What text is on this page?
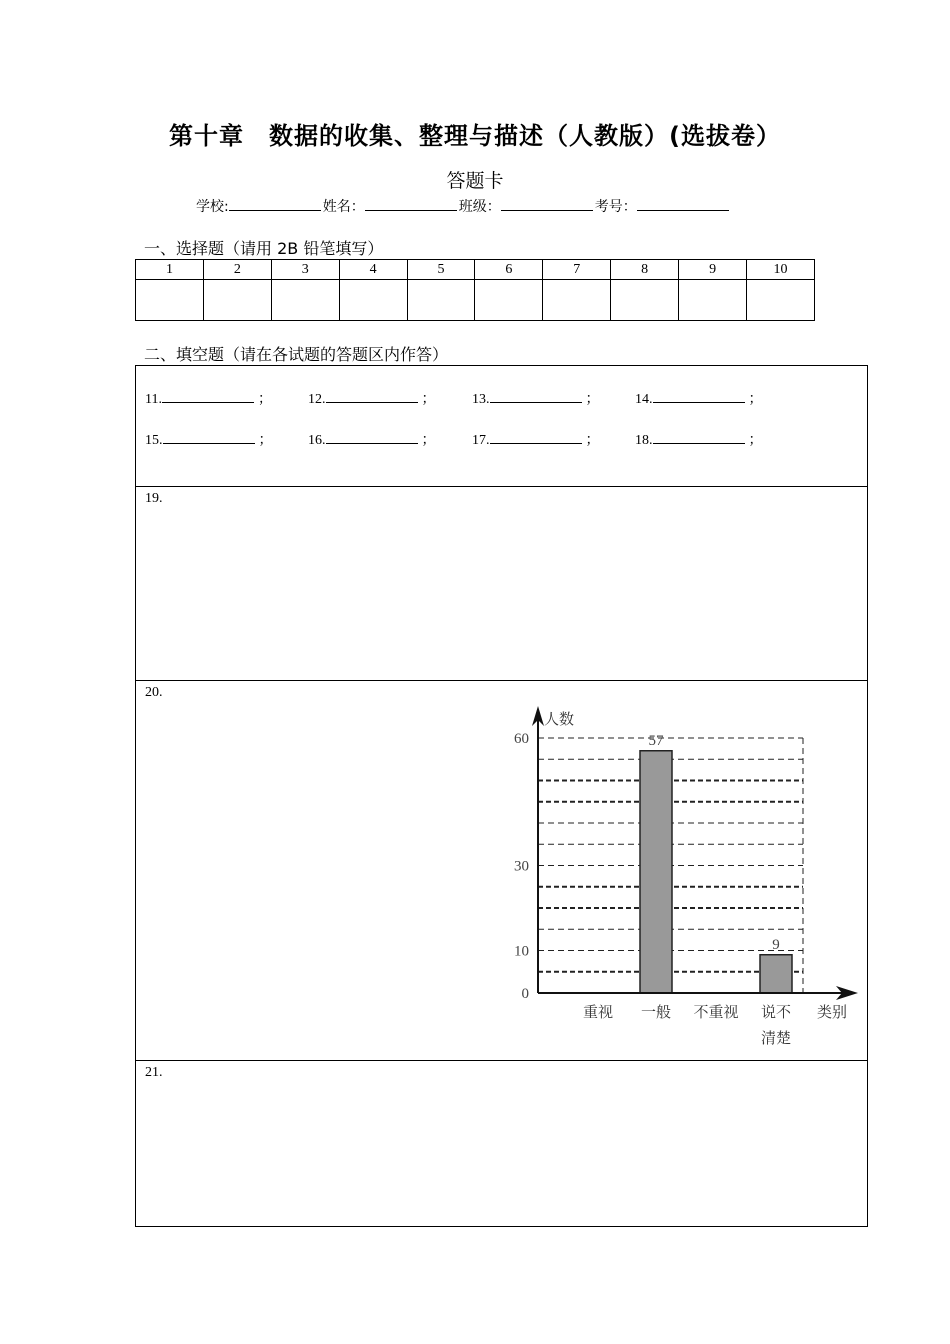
第十章　数据的收集、整理与描述（人教版）(选拔卷）
答题卡
学校:	姓名：	班级：	考号：
一、选择题（请用 2B 铅笔填写）
1	2	3	4	5	6	7	8	9	10

二、填空题（请在各试题的答题区内作答）
11.	；	12.	；	13.	；	14.	；
15.	；	16.	；	17.	；	18.	；
19.
20.
57
9
0
10
30
60
重视 一般 不重视 说不
清楚
人数
类别
21.
